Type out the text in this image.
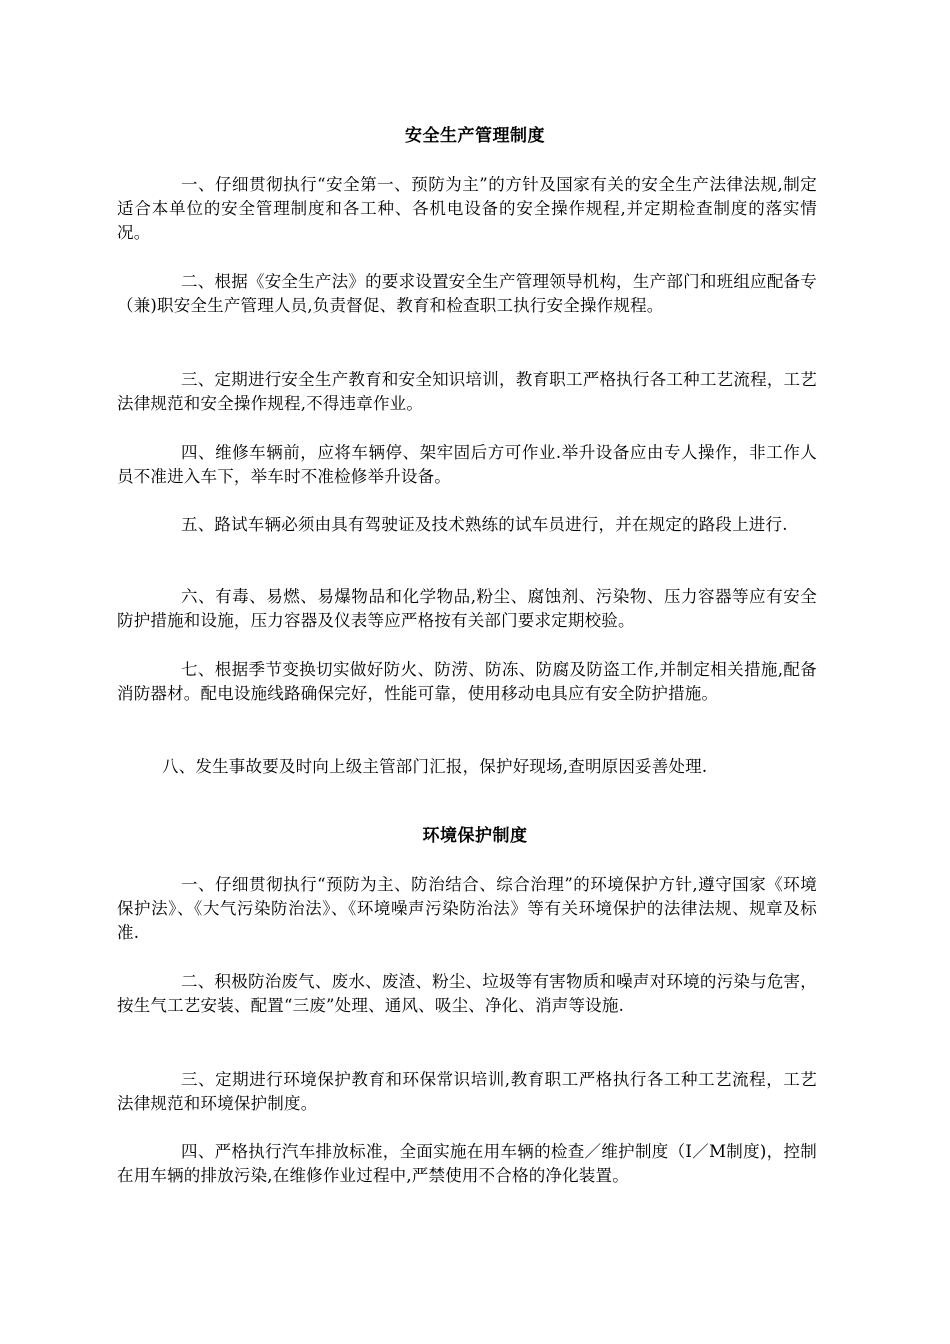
安全生产管理制度

一、仔细贯彻执行“安全第一、预防为主”的方针及国家有关的安全生产法律法规,制定适合本单位的安全管理制度和各工种、各机电设备的安全操作规程,并定期检查制度的落实情况。

二、根据《安全生产法》的要求设置安全生产管理领导机构，生产部门和班组应配备专（兼)职安全生产管理人员,负责督促、教育和检查职工执行安全操作规程。

三、定期进行安全生产教育和安全知识培训，教育职工严格执行各工种工艺流程，工艺法律规范和安全操作规程,不得违章作业。

四、维修车辆前，应将车辆停、架牢固后方可作业.举升设备应由专人操作，非工作人员不准进入车下，举车时不准检修举升设备。

五、路试车辆必须由具有驾驶证及技术熟练的试车员进行，并在规定的路段上进行.

六、有毒、易燃、易爆物品和化学物品,粉尘、腐蚀剂、污染物、压力容器等应有安全防护措施和设施，压力容器及仪表等应严格按有关部门要求定期校验。

七、根据季节变换切实做好防火、防涝、防冻、防腐及防盗工作,并制定相关措施,配备消防器材。配电设施线路确保完好，性能可靠，使用移动电具应有安全防护措施。

八、发生事故要及时向上级主管部门汇报，保护好现场,查明原因妥善处理.

环境保护制度

一、仔细贯彻执行“预防为主、防治结合、综合治理”的环境保护方针,遵守国家《环境保护法》、《大气污染防治法》、《环境噪声污染防治法》等有关环境保护的法律法规、规章及标准.

二、积极防治废气、废水、废渣、粉尘、垃圾等有害物质和噪声对环境的污染与危害，按生气工艺安装、配置“三废”处理、通风、吸尘、净化、消声等设施.

三、定期进行环境保护教育和环保常识培训,教育职工严格执行各工种工艺流程，工艺法律规范和环境保护制度。

四、严格执行汽车排放标准，全面实施在用车辆的检查／维护制度（I／M制度)，控制在用车辆的排放污染,在维修作业过程中,严禁使用不合格的净化装置。
